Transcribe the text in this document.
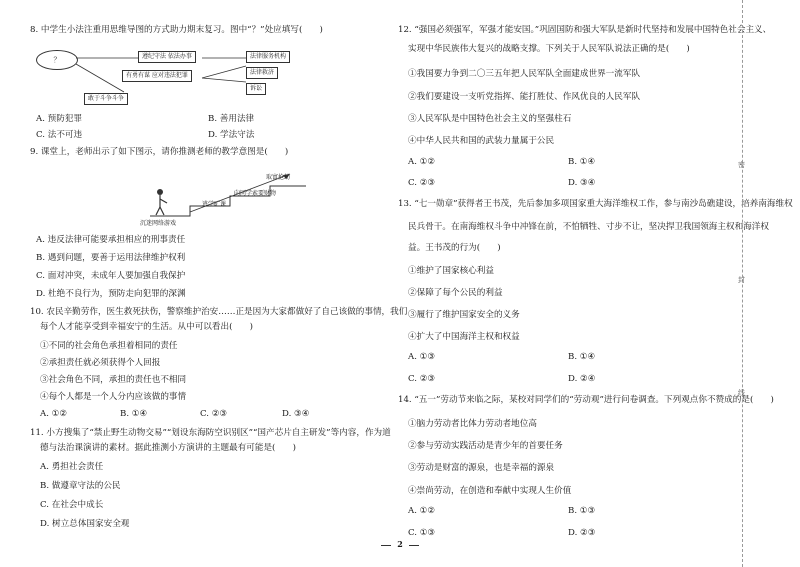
8. 中学生小法注重用思维导图的方式助力期末复习。图中“？”处应填写(　　)
？	遵纪守法 依法办事
有勇有谋 应对违法犯罪
敢于斗争斗争
法律服务机构
法律救济
诉讼
A. 预防犯罪	B. 善用法律
C. 法不可违	D. 学法守法
9. 课堂上，老师出示了如下图示，请你推测老师的教学意图是(　　)
取富抢劫
向同学索要财物
逃学旷课
沉迷网络游戏
A. 违反法律可能要承担相应的刑事责任
B. 遇到问题，要善于运用法律维护权利
C. 面对冲突，未成年人要加强自我保护
D. 杜绝不良行为，预防走向犯罪的深渊
10. 农民辛勤劳作，医生救死扶伤，警察维护治安……正是因为大家都做好了自己该做的事情，我们
每个人才能享受到幸福安宁的生活。从中可以看出(　　)
①不同的社会角色承担着相同的责任
②承担责任就必须获得个人回报
③社会角色不同，承担的责任也不相同
④每个人都是一个人分内应该做的事情
A. ①②	B. ①④	C. ②③	D. ③④
11. 小方搜集了“禁止野生动物交易”“划设东海防空识别区”“国产芯片自主研发”等内容，作为道
德与法治课演讲的素材。据此推测小方演讲的主题最有可能是(　　)
A. 勇担社会责任
B. 做遵章守法的公民
C. 在社会中成长
D. 树立总体国家安全观
12. “强国必须强军，军强才能安国。”巩固国防和强大军队是新时代坚持和发展中国特色社会主义、
实现中华民族伟大复兴的战略支撑。下列关于人民军队说法正确的是(　　)
①我国要力争到二〇三五年把人民军队全面建成世界一流军队
②我们要建设一支听党指挥、能打胜仗、作风优良的人民军队
③人民军队是中国特色社会主义的坚强柱石
④中华人民共和国的武装力量属于公民
A. ①②	B. ①④
C. ②③	D. ③④
13. “七一勋章”获得者王书茂，先后参加多项国家重大海洋维权工作，参与南沙岛礁建设，培养南海维权
民兵骨干。在南海维权斗争中冲锋在前，不怕牺牲、寸步不让，坚决捍卫我国领海主权和海洋权
益。王书茂的行为(　　)
①维护了国家核心利益
②保障了每个公民的利益
③履行了维护国家安全的义务
④扩大了中国海洋主权和权益
A. ①③	B. ①④
C. ②③	D. ②④
14. “五一”劳动节来临之际，某校对同学们的“劳动观”进行问卷调查。下列观点你不赞成的是(　　)
①脑力劳动者比体力劳动者地位高
②参与劳动实践活动是青少年的首要任务
③劳动是财富的源泉，也是幸福的源泉
④崇尚劳动，在创造和奉献中实现人生价值
A. ①②	B. ①③
C. ①③	D. ②③
密
封
线
2
